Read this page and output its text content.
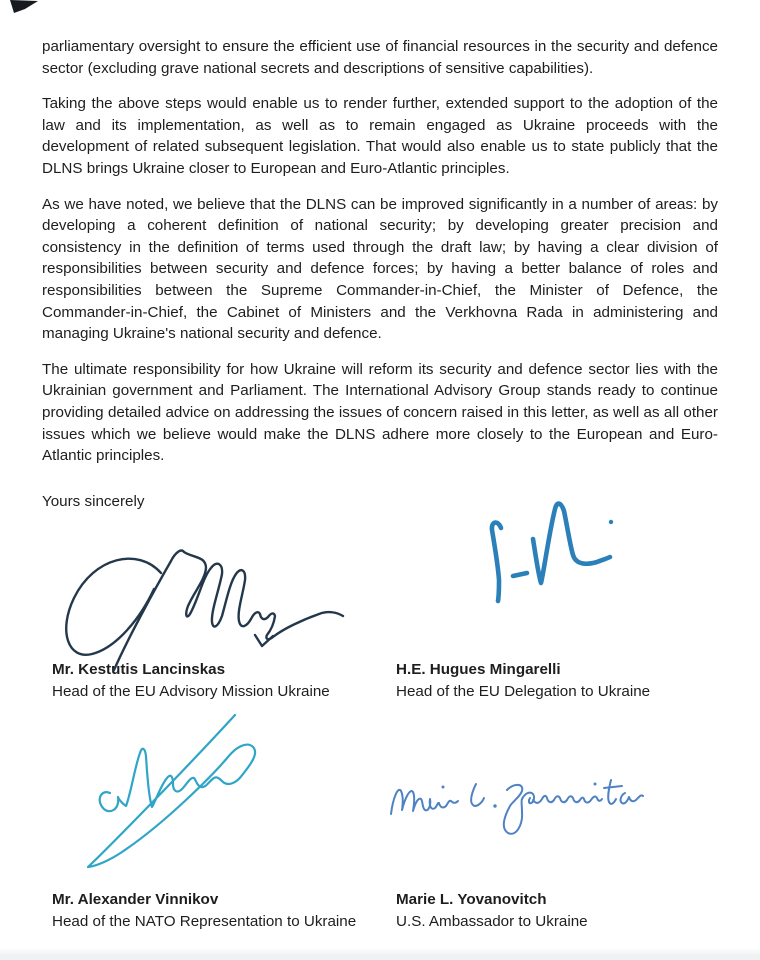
parliamentary oversight to ensure the efficient use of financial resources in the security and defence sector (excluding grave national secrets and descriptions of sensitive capabilities).

Taking the above steps would enable us to render further, extended support to the adoption of the law and its implementation, as well as to remain engaged as Ukraine proceeds with the development of related subsequent legislation. That would also enable us to state publicly that the DLNS brings Ukraine closer to European and Euro-Atlantic principles.

As we have noted, we believe that the DLNS can be improved significantly in a number of areas: by developing a coherent definition of national security; by developing greater precision and consistency in the definition of terms used through the draft law; by having a clear division of responsibilities between security and defence forces; by having a better balance of roles and responsibilities between the Supreme Commander-in-Chief, the Minister of Defence, the Commander-in-Chief, the Cabinet of Ministers and the Verkhovna Rada in administering and managing Ukraine's national security and defence.

The ultimate responsibility for how Ukraine will reform its security and defence sector lies with the Ukrainian government and Parliament. The International Advisory Group stands ready to continue providing detailed advice on addressing the issues of concern raised in this letter, as well as all other issues which we believe would make the DLNS adhere more closely to the European and Euro-Atlantic principles.

Yours sincerely

Mr. Kestutis Lancinskas
Head of the EU Advisory Mission Ukraine
H.E. Hugues Mingarelli
Head of the EU Delegation to Ukraine
Mr. Alexander Vinnikov
Head of the NATO Representation to Ukraine
Marie L. Yovanovitch
U.S. Ambassador to Ukraine
